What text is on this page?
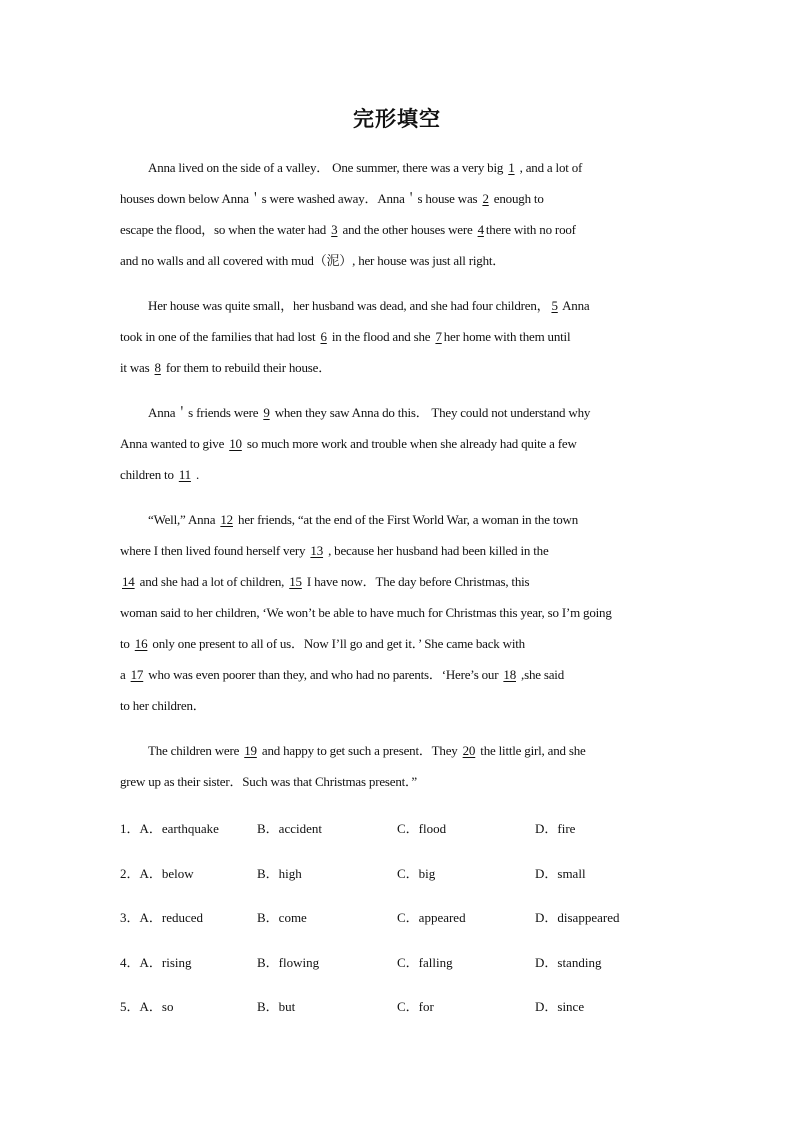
完形填空
Anna lived on the side of a valley． One summer, there was a very big 1 , and a lot of
houses down below Anna＇s were washed away．Anna＇s house was 2 enough to
escape the flood，so when the water had 3 and the other houses were 4 there with no roof
and no walls and all covered with mud（泥）, her house was just all right．
Her house was quite small，her husband was dead, and she had four children， 5 Anna
took in one of the families that had lost 6 in the flood and she 7 her home with them until
it was 8 for them to rebuild their house．
Anna＇s friends were 9 when they saw Anna do this． They could not understand why
Anna wanted to give 10 so much more work and trouble when she already had quite a few
children to 11 .
“Well,” Anna 12 her friends, “at the end of the First World War, a woman in the town
where I then lived found herself very 13 , because her husband had been killed in the
14 and she had a lot of children, 15 I have now．The day before Christmas, this
woman said to her children, ‘We won’t be able to have much for Christmas this year, so I’m going
to 16 only one present to all of us．Now I’ll go and get it．’ She came back with
a 17 who was even poorer than they, and who had no parents．‘Here’s our 18 ,she said
to her children．
The children were 19 and happy to get such a present．They 20 the little girl, and she
grew up as their sister．Such was that Christmas present．”
1．A．earthquake	B．accident	C．flood	D．fire
2．A．below	B．high	C．big	D．small
3．A．reduced	B．come	C．appeared	D．disappeared
4．A．rising	B．flowing	C．falling	D．standing
5．A．so	B．but	C．for	D．since
